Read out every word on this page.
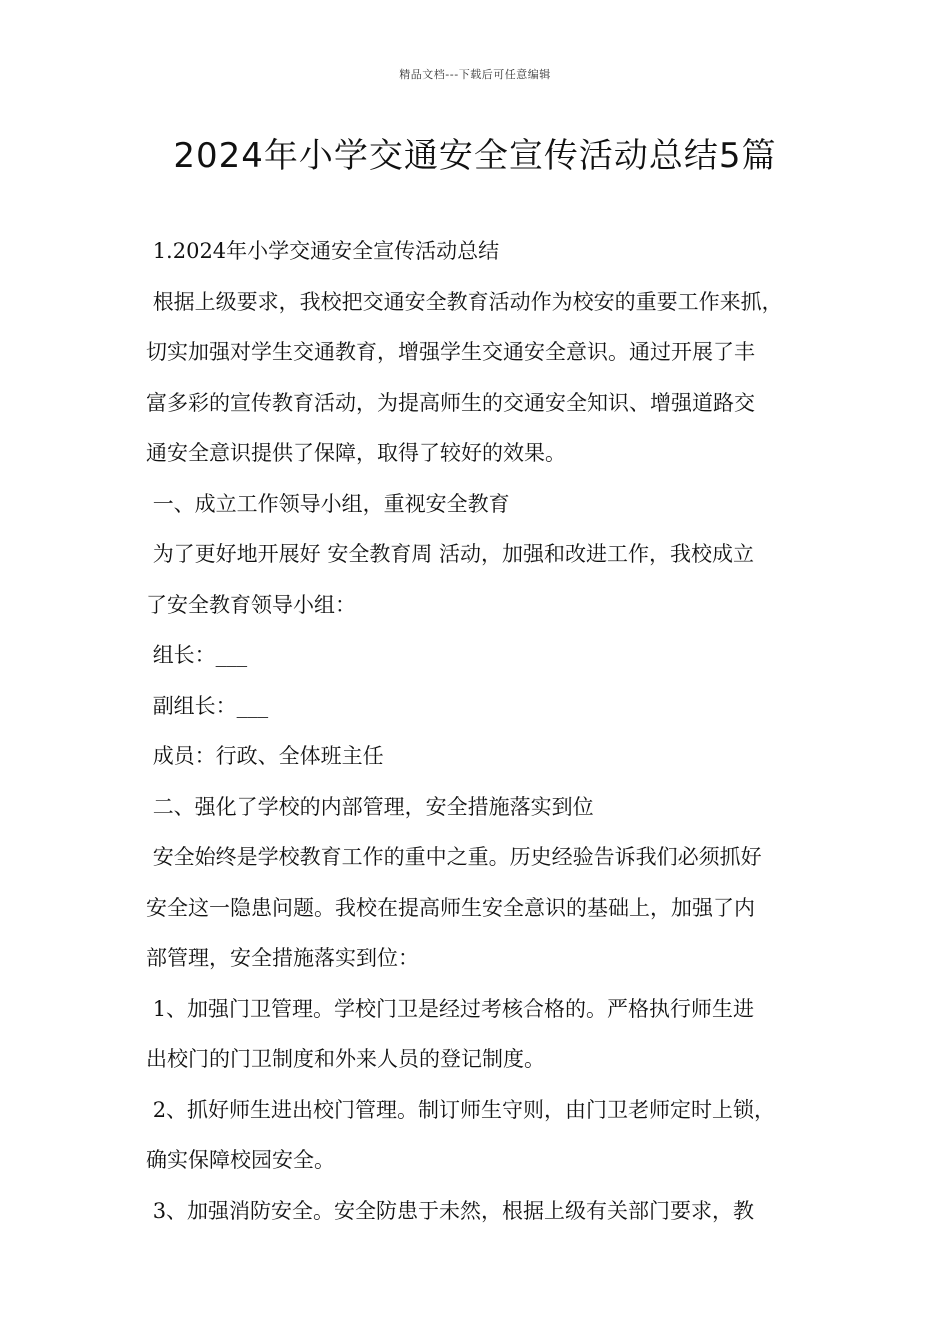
精品文档---下载后可任意编辑
2024年小学交通安全宣传活动总结5篇

1.2024年小学交通安全宣传活动总结

根据上级要求，我校把交通安全教育活动作为校安的重要工作来抓，

切实加强对学生交通教育，增强学生交通安全意识。通过开展了丰

富多彩的宣传教育活动，为提高师生的交通安全知识、增强道路交

通安全意识提供了保障，取得了较好的效果。

一、成立工作领导小组，重视安全教育

为了更好地开展好 安全教育周 活动，加强和改进工作，我校成立

了安全教育领导小组：

组长：___

副组长：___

成员：行政、全体班主任

二、强化了学校的内部管理，安全措施落实到位

安全始终是学校教育工作的重中之重。历史经验告诉我们必须抓好

安全这一隐患问题。我校在提高师生安全意识的基础上，加强了内

部管理，安全措施落实到位：

1、加强门卫管理。学校门卫是经过考核合格的。严格执行师生进

出校门的门卫制度和外来人员的登记制度。

2、抓好师生进出校门管理。制订师生守则，由门卫老师定时上锁，

确实保障校园安全。

3、加强消防安全。安全防患于未然，根据上级有关部门要求，教
